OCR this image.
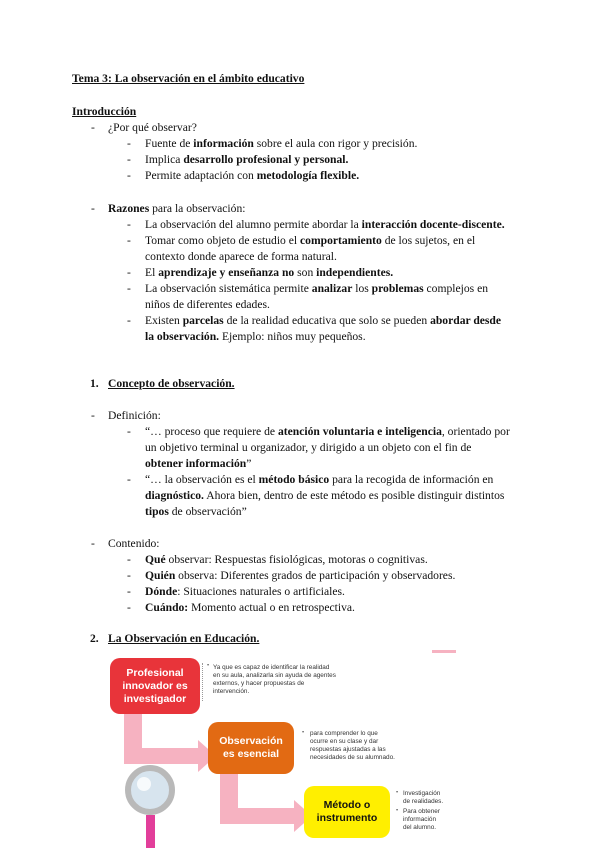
Tema 3: La observación en el ámbito educativo
Introducción
- ¿Por qué observar?
- Fuente de información sobre el aula con rigor y precisión.
- Implica desarrollo profesional y personal.
- Permite adaptación con metodología flexible.
- Razones para la observación:
- La observación del alumno permite abordar la interacción docente-discente.
- Tomar como objeto de estudio el comportamiento de los sujetos, en el
contexto donde aparece de forma natural.
- El aprendizaje y enseñanza no son independientes.
- La observación sistemática permite analizar los problemas complejos en
niños de diferentes edades.
- Existen parcelas de la realidad educativa que solo se pueden abordar desde
la observación. Ejemplo: niños muy pequeños.
1. Concepto de observación.
- Definición:
- “… proceso que requiere de atención voluntaria e inteligencia, orientado por
un objetivo terminal u organizador, y dirigido a un objeto con el fin de
obtener información”
- “… la observación es el método básico para la recogida de información en
diagnóstico. Ahora bien, dentro de este método es posible distinguir distintos
tipos de observación”
- Contenido:
- Qué observar: Respuestas fisiológicas, motoras o cognitivas.
- Quién observa: Diferentes grados de participación y observadores.
- Dónde: Situaciones naturales o artificiales.
- Cuándo: Momento actual o en retrospectiva.
2. La Observación en Educación.
Profesional
innovador es
investigador
Ya que es capaz de identificar la realidad
en su aula, analizarla sin ayuda de agentes
externos, y hacer propuestas de
intervención.
•
Observación
es esencial
• para comprender lo que
ocurre en su clase y dar
respuestas ajustadas a las
necesidades de su alumnado.
Método o
instrumento
• Investigación
de realidades.
• Para obtener
información
del alumno.
